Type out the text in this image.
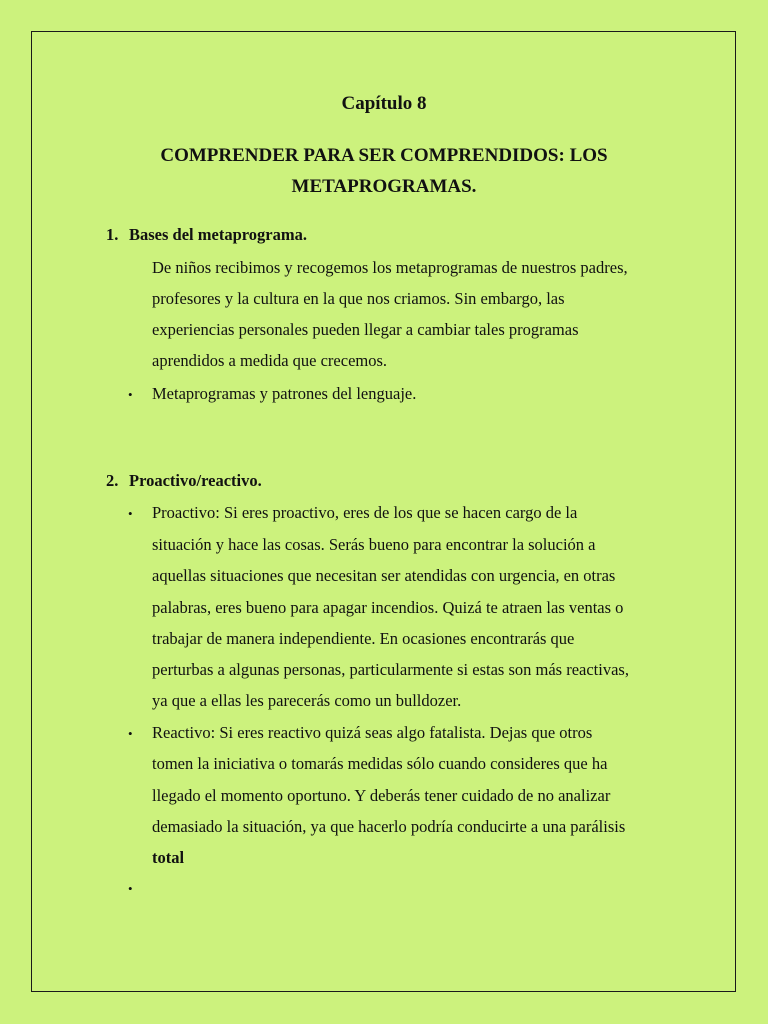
Capítulo 8
COMPRENDER PARA SER COMPRENDIDOS: LOS
METAPROGRAMAS.
1. Bases del metaprograma.
De niños recibimos y recogemos los metaprogramas de nuestros padres,
profesores y la cultura en la que nos criamos. Sin embargo, las
experiencias personales pueden llegar a cambiar tales programas
aprendidos a medida que crecemos.
• Metaprogramas y patrones del lenguaje.
2. Proactivo/reactivo.
• Proactivo: Si eres proactivo, eres de los que se hacen cargo de la
situación y hace las cosas. Serás bueno para encontrar la solución a
aquellas situaciones que necesitan ser atendidas con urgencia, en otras
palabras, eres bueno para apagar incendios. Quizá te atraen las ventas o
trabajar de manera independiente. En ocasiones encontrarás que
perturbas a algunas personas, particularmente si estas son más reactivas,
ya que a ellas les parecerás como un bulldozer.
• Reactivo: Si eres reactivo quizá seas algo fatalista. Dejas que otros
tomen la iniciativa o tomarás medidas sólo cuando consideres que ha
llegado el momento oportuno. Y deberás tener cuidado de no analizar
demasiado la situación, ya que hacerlo podría conducirte a una parálisis
total
•
